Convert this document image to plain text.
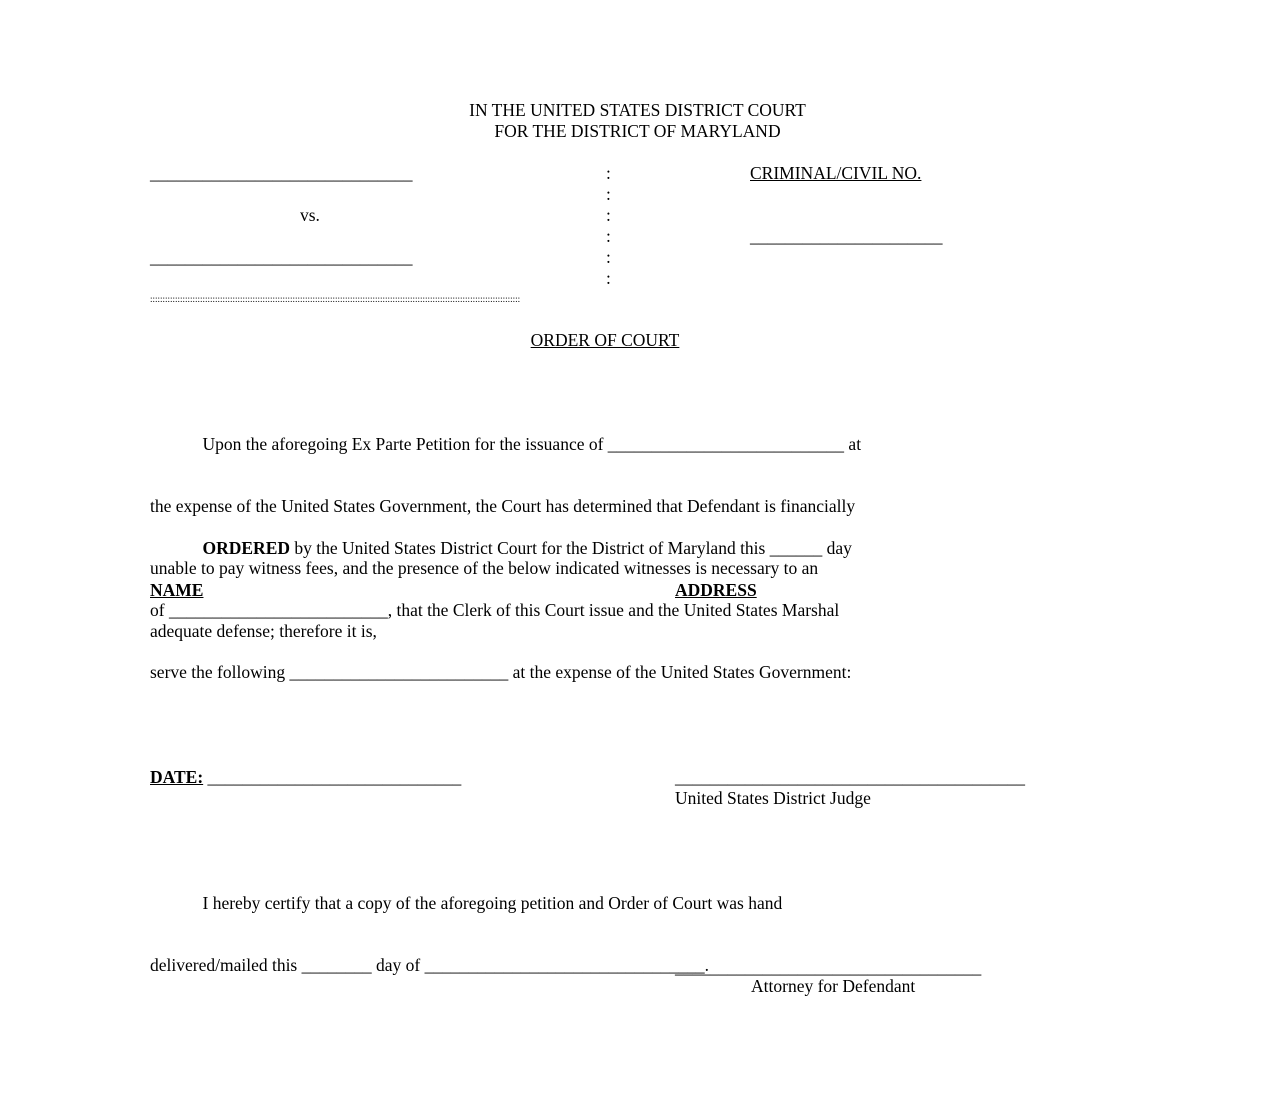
IN THE UNITED STATES DISTRICT COURT
FOR THE DISTRICT OF MARYLAND
______________________________
vs.
______________________________
:
:
:
:
:
:
CRIMINAL/CIVIL NO.
______________________
::::::::::::::::::::::::::::::::::::::::::::::::::::::::::::::::::::::::::::::::::::::::::::::::::::::::::::::::::::::::::::::::::::::::::::::::::::
ORDER OF COURT

Upon the aforegoing Ex Parte Petition for the issuance of ___________________________ at

the expense of the United States Government, the Court has determined that Defendant is financially

unable to pay witness fees, and the presence of the below indicated witnesses is necessary to an

adequate defense; therefore it is,

ORDERED by the United States District Court for the District of Maryland this ______ day

of _________________________, that the Clerk of this Court issue and the United States Marshal

serve the following _________________________ at the expense of the United States Government:

NAME	ADDRESS
DATE: _____________________________	________________________________________
United States District Judge

I hereby certify that a copy of the aforegoing petition and Order of Court was hand

delivered/mailed this ________ day of ________________________________.

___________________________________
Attorney for Defendant
